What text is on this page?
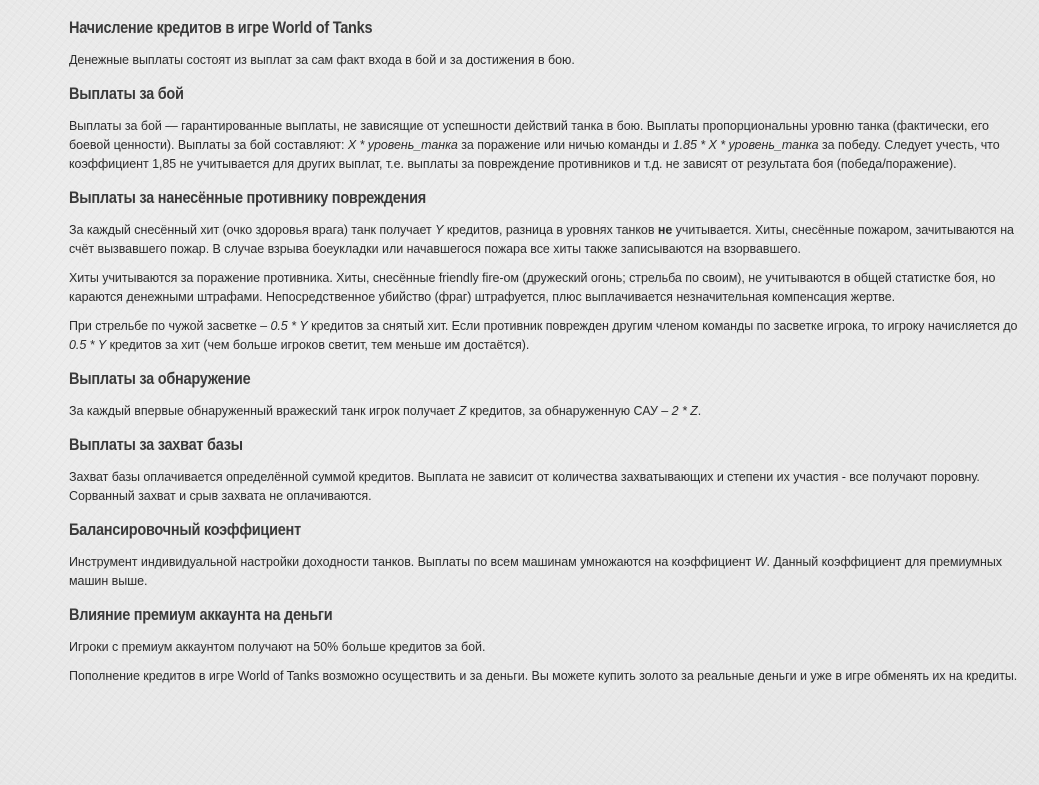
Начисление кредитов в игре World of Tanks

Денежные выплаты состоят из выплат за сам факт входа в бой и за достижения в бою.

Выплаты за бой

Выплаты за бой — гарантированные выплаты, не зависящие от успешности действий танка в бою. Выплаты пропорциональны уровню танка (фактически, его боевой ценности). Выплаты за бой составляют: X * уровень_танка за поражение или ничью команды и 1.85 * X * уровень_танка за победу. Следует учесть, что коэффициент 1,85 не учитывается для других выплат, т.е. выплаты за повреждение противников и т.д. не зависят от результата боя (победа/поражение).

Выплаты за нанесённые противнику повреждения

За каждый снесённый хит (очко здоровья врага) танк получает Y кредитов, разница в уровнях танков не учитывается. Хиты, снесённые пожаром, зачитываются на счёт вызвавшего пожар. В случае взрыва боеукладки или начавшегося пожара все хиты также записываются на взорвавшего.

Хиты учитываются за поражение противника. Хиты, снесённые friendly fire-ом (дружеский огонь; стрельба по своим), не учитываются в общей статистке боя, но караются денежными штрафами. Непосредственное убийство (фраг) штрафуется, плюс выплачивается незначительная компенсация жертве.

При стрельбе по чужой засветке – 0.5 * Y кредитов за снятый хит. Если противник поврежден другим членом команды по засветке игрока, то игроку начисляется до 0.5 * Y кредитов за хит (чем больше игроков светит, тем меньше им достаётся).

Выплаты за обнаружение

За каждый впервые обнаруженный вражеский танк игрок получает Z кредитов, за обнаруженную САУ – 2 * Z.

Выплаты за захват базы

Захват базы оплачивается определённой суммой кредитов. Выплата не зависит от количества захватывающих и степени их участия - все получают поровну. Сорванный захват и срыв захвата не оплачиваются.

Балансировочный коэффициент

Инструмент индивидуальной настройки доходности танков. Выплаты по всем машинам умножаются на коэффициент W. Данный коэффициент для премиумных машин выше.

Влияние премиум аккаунта на деньги

Игроки с премиум аккаунтом получают на 50% больше кредитов за бой.

Пополнение кредитов в игре World of Tanks возможно осуществить и за деньги. Вы можете купить золото за реальные деньги и уже в игре обменять их на кредиты.
